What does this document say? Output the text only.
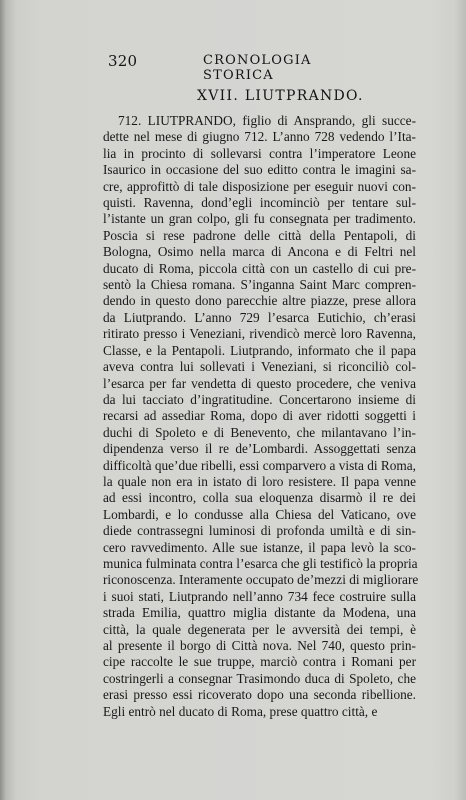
320	CRONOLOGIA STORICA
XVII. LIUTPRANDO.
712. LIUTPRANDO, figlio di Ansprando, gli succe-
dette nel mese di giugno 712. L’anno 728 vedendo l’Ita-
lia in procinto di sollevarsi contra l’imperatore Leone
Isaurico in occasione del suo editto contra le imagini sa-
cre, approfittò di tale disposizione per eseguir nuovi con-
quisti. Ravenna, dond’egli incominciò per tentare sul-
l’istante un gran colpo, gli fu consegnata per tradimento.
Poscia si rese padrone delle città della Pentapoli, di
Bologna, Osimo nella marca di Ancona e di Feltri nel
ducato di Roma, piccola città con un castello di cui pre-
sentò la Chiesa romana. S’inganna Saint Marc compren-
dendo in questo dono parecchie altre piazze, prese allora
da Liutprando. L’anno 729 l’esarca Eutichio, ch’erasi
ritirato presso i Veneziani, rivendicò mercè loro Ravenna,
Classe, e la Pentapoli. Liutprando, informato che il papa
aveva contra lui sollevati i Veneziani, si riconciliò col-
l’esarca per far vendetta di questo procedere, che veniva
da lui tacciato d’ingratitudine. Concertarono insieme di
recarsi ad assediar Roma, dopo di aver ridotti soggetti i
duchi di Spoleto e di Benevento, che milantavano l’in-
dipendenza verso il re de’Lombardi. Assoggettati senza
difficoltà que’due ribelli, essi comparvero a vista di Roma,
la quale non era in istato di loro resistere. Il papa venne
ad essi incontro, colla sua eloquenza disarmò il re dei
Lombardi, e lo condusse alla Chiesa del Vaticano, ove
diede contrassegni luminosi di profonda umiltà e di sin-
cero ravvedimento. Alle sue istanze, il papa levò la sco-
munica fulminata contra l’esarca che gli testificò la propria
riconoscenza. Interamente occupato de’mezzi di migliorare
i suoi stati, Liutprando nell’anno 734 fece costruire sulla
strada Emilia, quattro miglia distante da Modena, una
città, la quale degenerata per le avversità dei tempi, è
al presente il borgo di Città nova. Nel 740, questo prin-
cipe raccolte le sue truppe, marciò contra i Romani per
costringerli a consegnar Trasimondo duca di Spoleto, che
erasi presso essi ricoverato dopo una seconda ribellione.
Egli entrò nel ducato di Roma, prese quattro città, e
